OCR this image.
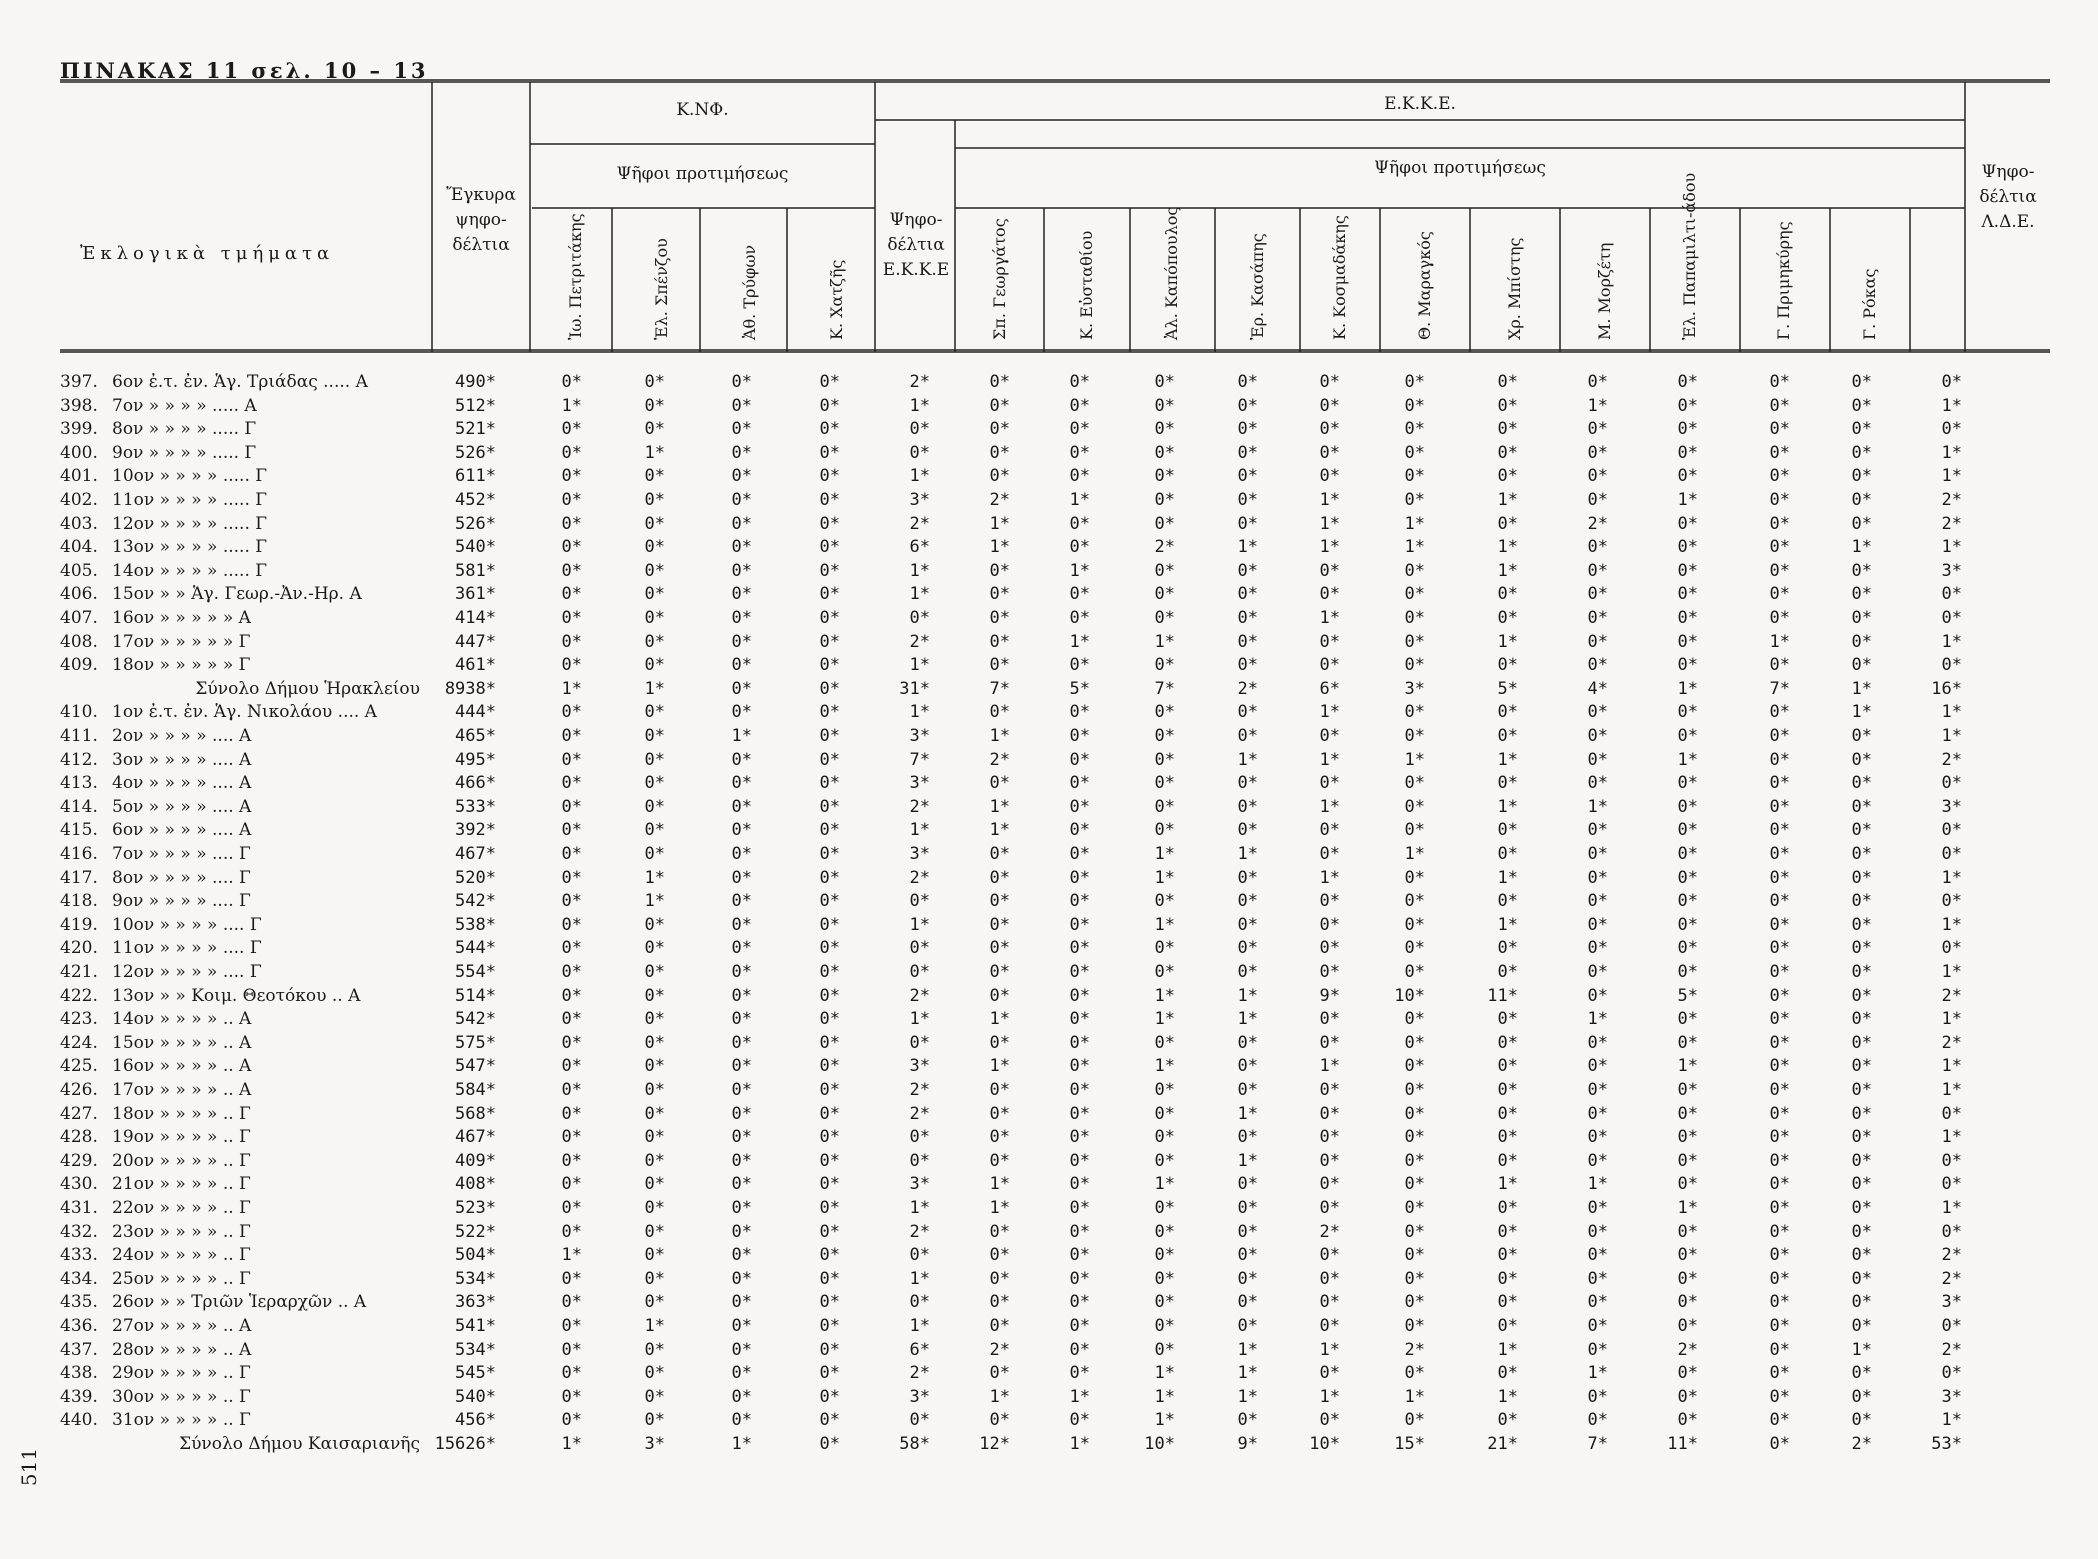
ΠΙΝΑΚΑΣ 11 σελ. 10 – 13
511
Ἐκλογικὰ τμήματα
Ἔγκυρα
ψηφο-
δέλτια
Κ.ΝΦ.
Ψῆφοι προτιμήσεως
Ἰω. Πετριτάκης	Ἐλ. Σπένζου	Ἀθ. Τρύφων	Κ. Χατζῆς
Ε.Κ.Κ.Ε.
Ψῆφοι προτιμήσεως
Ψηφο-
δέλτια
Ε.Κ.Κ.Ε	Σπ. Γεωργάτος	Κ. Εὐσταθίου	Ἀλ. Καπόπουλος	Ἐρ. Κασάπης	Κ. Κοσμαδάκης	Θ. Μαραγκός	Χρ. Μπίστης	Μ. Μορζέτη	Ἐλ. Παπαμιλτι-άδου	Γ. Πριμηκύρης	Γ. Ρόκας
Ψηφο-
δέλτια
Λ.Δ.Ε.
397. 6ον ἐ.τ. ἐν. Ἁγ. Τριάδας ..... Α	490*	0*	0*	0*	0*	2*	0*	0*	0*	0*	0*	0*	0*	0*	0*	0*	0*	0*
398. 7ον » » » » ..... Α	512*	1*	0*	0*	0*	1*	0*	0*	0*	0*	0*	0*	0*	1*	0*	0*	0*	1*
399. 8ον » » » » ..... Γ	521*	0*	0*	0*	0*	0*	0*	0*	0*	0*	0*	0*	0*	0*	0*	0*	0*	0*
400. 9ον » » » » ..... Γ	526*	0*	1*	0*	0*	0*	0*	0*	0*	0*	0*	0*	0*	0*	0*	0*	0*	1*
401. 10ον » » » » ..... Γ	611*	0*	0*	0*	0*	1*	0*	0*	0*	0*	0*	0*	0*	0*	0*	0*	0*	1*
402. 11ον » » » » ..... Γ	452*	0*	0*	0*	0*	3*	2*	1*	0*	0*	1*	0*	1*	0*	1*	0*	0*	2*
403. 12ον » » » » ..... Γ	526*	0*	0*	0*	0*	2*	1*	0*	0*	0*	1*	1*	0*	2*	0*	0*	0*	2*
404. 13ον » » » » ..... Γ	540*	0*	0*	0*	0*	6*	1*	0*	2*	1*	1*	1*	1*	0*	0*	0*	1*	1*
405. 14ον » » » » ..... Γ	581*	0*	0*	0*	0*	1*	0*	1*	0*	0*	0*	0*	1*	0*	0*	0*	0*	3*
406. 15ον » » Ἁγ. Γεωρ.-Ἀν.-Ηρ. Α	361*	0*	0*	0*	0*	1*	0*	0*	0*	0*	0*	0*	0*	0*	0*	0*	0*	0*
407. 16ον » » » » » Α	414*	0*	0*	0*	0*	0*	0*	0*	0*	0*	1*	0*	0*	0*	0*	0*	0*	0*
408. 17ον » » » » » Γ	447*	0*	0*	0*	0*	2*	0*	1*	1*	0*	0*	0*	1*	0*	0*	1*	0*	1*
409. 18ον » » » » » Γ	461*	0*	0*	0*	0*	1*	0*	0*	0*	0*	0*	0*	0*	0*	0*	0*	0*	0*
Σύνολο Δήμου Ἡρακλείου	8938*	1*	1*	0*	0*	31*	7*	5*	7*	2*	6*	3*	5*	4*	1*	7*	1*	16*
410. 1ον ἐ.τ. ἐν. Ἁγ. Νικολάου .... Α	444*	0*	0*	0*	0*	1*	0*	0*	0*	0*	1*	0*	0*	0*	0*	0*	1*	1*
411. 2ον » » » » .... Α	465*	0*	0*	1*	0*	3*	1*	0*	0*	0*	0*	0*	0*	0*	0*	0*	0*	1*
412. 3ον » » » » .... Α	495*	0*	0*	0*	0*	7*	2*	0*	0*	1*	1*	1*	1*	0*	1*	0*	0*	2*
413. 4ον » » » » .... Α	466*	0*	0*	0*	0*	3*	0*	0*	0*	0*	0*	0*	0*	0*	0*	0*	0*	0*
414. 5ον » » » » .... Α	533*	0*	0*	0*	0*	2*	1*	0*	0*	0*	1*	0*	1*	1*	0*	0*	0*	3*
415. 6ον » » » » .... Α	392*	0*	0*	0*	0*	1*	1*	0*	0*	0*	0*	0*	0*	0*	0*	0*	0*	0*
416. 7ον » » » » .... Γ	467*	0*	0*	0*	0*	3*	0*	0*	1*	1*	0*	1*	0*	0*	0*	0*	0*	0*
417. 8ον » » » » .... Γ	520*	0*	1*	0*	0*	2*	0*	0*	1*	0*	1*	0*	1*	0*	0*	0*	0*	1*
418. 9ον » » » » .... Γ	542*	0*	1*	0*	0*	0*	0*	0*	0*	0*	0*	0*	0*	0*	0*	0*	0*	0*
419. 10ον » » » » .... Γ	538*	0*	0*	0*	0*	1*	0*	0*	1*	0*	0*	0*	1*	0*	0*	0*	0*	1*
420. 11ον » » » » .... Γ	544*	0*	0*	0*	0*	0*	0*	0*	0*	0*	0*	0*	0*	0*	0*	0*	0*	0*
421. 12ον » » » » .... Γ	554*	0*	0*	0*	0*	0*	0*	0*	0*	0*	0*	0*	0*	0*	0*	0*	0*	1*
422. 13ον » » Κοιμ. Θεοτόκου .. Α	514*	0*	0*	0*	0*	2*	0*	0*	1*	1*	9*	10*	11*	0*	5*	0*	0*	2*
423. 14ον » » » » .. Α	542*	0*	0*	0*	0*	1*	1*	0*	1*	1*	0*	0*	0*	1*	0*	0*	0*	1*
424. 15ον » » » » .. Α	575*	0*	0*	0*	0*	0*	0*	0*	0*	0*	0*	0*	0*	0*	0*	0*	0*	2*
425. 16ον » » » » .. Α	547*	0*	0*	0*	0*	3*	1*	0*	1*	0*	1*	0*	0*	0*	1*	0*	0*	1*
426. 17ον » » » » .. Α	584*	0*	0*	0*	0*	2*	0*	0*	0*	0*	0*	0*	0*	0*	0*	0*	0*	1*
427. 18ον » » » » .. Γ	568*	0*	0*	0*	0*	2*	0*	0*	0*	1*	0*	0*	0*	0*	0*	0*	0*	0*
428. 19ον » » » » .. Γ	467*	0*	0*	0*	0*	0*	0*	0*	0*	0*	0*	0*	0*	0*	0*	0*	0*	1*
429. 20ον » » » » .. Γ	409*	0*	0*	0*	0*	0*	0*	0*	0*	1*	0*	0*	0*	0*	0*	0*	0*	0*
430. 21ον » » » » .. Γ	408*	0*	0*	0*	0*	3*	1*	0*	1*	0*	0*	0*	1*	1*	0*	0*	0*	0*
431. 22ον » » » » .. Γ	523*	0*	0*	0*	0*	1*	1*	0*	0*	0*	0*	0*	0*	0*	1*	0*	0*	1*
432. 23ον » » » » .. Γ	522*	0*	0*	0*	0*	2*	0*	0*	0*	0*	2*	0*	0*	0*	0*	0*	0*	0*
433. 24ον » » » » .. Γ	504*	1*	0*	0*	0*	0*	0*	0*	0*	0*	0*	0*	0*	0*	0*	0*	0*	2*
434. 25ον » » » » .. Γ	534*	0*	0*	0*	0*	1*	0*	0*	0*	0*	0*	0*	0*	0*	0*	0*	0*	2*
435. 26ον » » Τριῶν Ἱεραρχῶν .. Α	363*	0*	0*	0*	0*	0*	0*	0*	0*	0*	0*	0*	0*	0*	0*	0*	0*	3*
436. 27ον » » » » .. Α	541*	0*	1*	0*	0*	1*	0*	0*	0*	0*	0*	0*	0*	0*	0*	0*	0*	0*
437. 28ον » » » » .. Α	534*	0*	0*	0*	0*	6*	2*	0*	0*	1*	1*	2*	1*	0*	2*	0*	1*	2*
438. 29ον » » » » .. Γ	545*	0*	0*	0*	0*	2*	0*	0*	1*	1*	0*	0*	0*	1*	0*	0*	0*	0*
439. 30ον » » » » .. Γ	540*	0*	0*	0*	0*	3*	1*	1*	1*	1*	1*	1*	1*	0*	0*	0*	0*	3*
440. 31ον » » » » .. Γ	456*	0*	0*	0*	0*	0*	0*	0*	1*	0*	0*	0*	0*	0*	0*	0*	0*	1*
Σύνολο Δήμου Καισαριανῆς 15626*	1*	3*	1*	0*	58*	12*	1*	10*	9*	10*	15*	21*	7*	11*	0*	2*	53*
